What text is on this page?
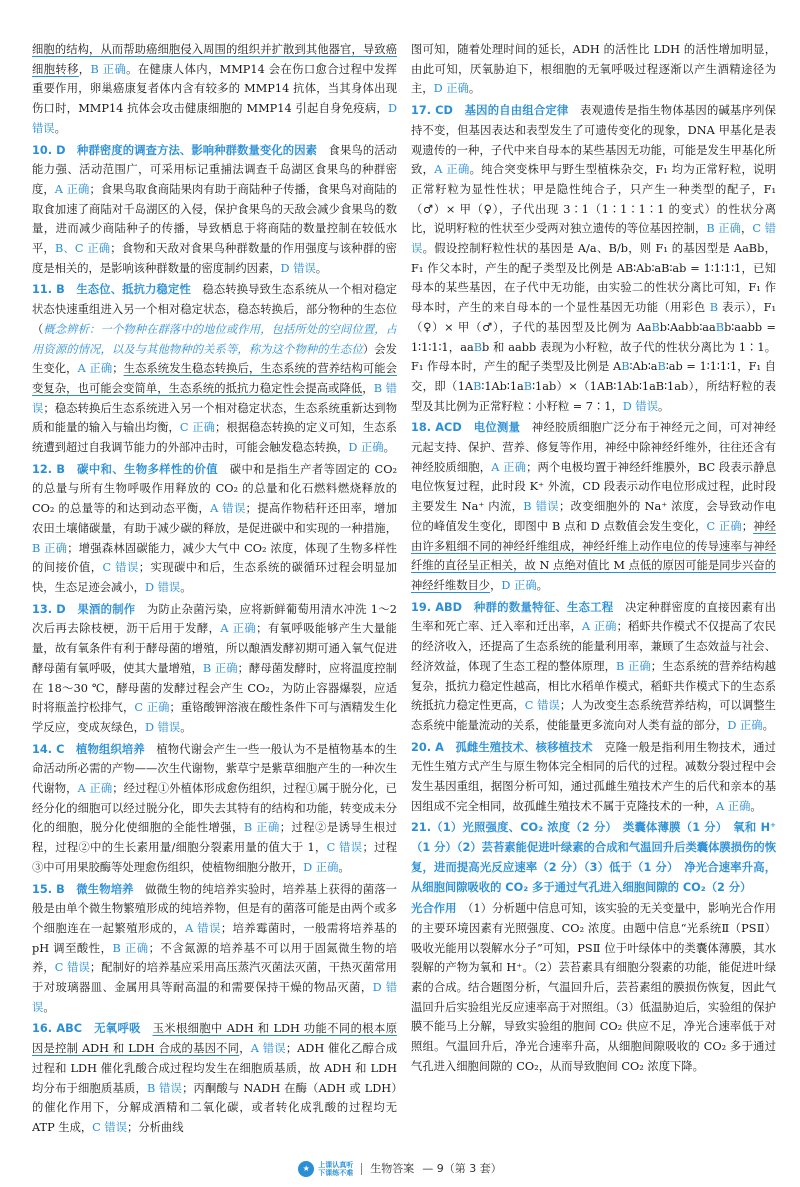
细胞的结构，从而帮助癌细胞侵入周围的组织并扩散到其他器官，导致癌细胞转移，B 正确。在健康人体内，MMP14 会在伤口愈合过程中发挥重要作用，卵巢癌康复者体内含有较多的 MMP14 抗体，当其身体出现伤口时，MMP14 抗体会攻击健康细胞的 MMP14 引起自身免疫病，D 错误。
10. D　 种群密度的调查方法、影响种群数量变化的因素　食果鸟的活动能力强、活动范围广，可采用标记重捕法调查千岛湖区食果鸟的种群密度，A 正确；食果鸟取食商陆果肉有助于商陆种子传播，食果鸟对商陆的取食加速了商陆对千岛湖区的入侵，保护食果鸟的天敌会减少食果鸟的数量，进而减少商陆种子的传播，导致栖息于将商陆的数量控制在较低水平，B、C 正确；食物和天敌对食果鸟种群数量的作用强度与该种群的密度是相关的，是影响该种群数量的密度制约因素，D 错误。
11. B　 生态位、抵抗力稳定性　稳态转换导致生态系统从一个相对稳定状态快速重组进入另一个相对稳定状态，稳态转换后，部分物种的生态位（概念辨析：一个物种在群落中的地位或作用，包括所处的空间位置，占用资源的情况，以及与其他物种的关系等，称为这个物种的生态位）会发生变化，A 正确；生态系统发生稳态转换后，生态系统的营养结构可能会变复杂，也可能会变简单，生态系统的抵抗力稳定性会提高或降低，B 错误；稳态转换后生态系统进入另一个相对稳定状态，生态系统重新达到物质和能量的输入与输出均衡，C 正确；根据稳态转换的定义可知，生态系统遭到超过自我调节能力的外部冲击时，可能会触发稳态转换，D 正确。
12. B　 碳中和、生物多样性的价值　碳中和是指生产者等固定的 CO₂ 的总量与所有生物呼吸作用释放的 CO₂ 的总量和化石燃料燃烧释放的 CO₂ 的总量等的和达到动态平衡，A 错误；提高作物秸秆还田率，增加农田土壤储碳量，有助于减少碳的释放，是促进碳中和实现的一种措施，B 正确；增强森林固碳能力，减少大气中 CO₂ 浓度，体现了生物多样性的间接价值，C 错误；实现碳中和后，生态系统的碳循环过程会明显加快，生态足迹会减小，D 错误。
13. D　 果酒的制作　为防止杂菌污染，应将新鲜葡萄用清水冲洗 1～2 次后再去除枝梗，沥干后用于发酵，A 正确；有氧呼吸能够产生大量能量，故有氧条件有利于酵母菌的增殖，所以酿酒发酵初期可通入氧气促进酵母菌有氧呼吸，使其大量增殖，B 正确；酵母菌发酵时，应将温度控制在 18～30 ℃，酵母菌的发酵过程会产生 CO₂，为防止容器爆裂，应适时将瓶盖拧松排气，C 正确；重铬酸钾溶液在酸性条件下可与酒精发生化学反应，变成灰绿色，D 错误。
14. C　 植物组织培养　植物代谢会产生一些一般认为不是植物基本的生命活动所必需的产物——次生代谢物，紫草宁是紫草细胞产生的一种次生代谢物，A 正确；经过程①外植体形成愈伤组织，过程①属于脱分化，已经分化的细胞可以经过脱分化，即失去其特有的结构和功能，转变成未分化的细胞，脱分化使细胞的全能性增强，B 正确；过程②是诱导生根过程，过程②中的生长素用量/细胞分裂素用量的值大于 1，C 错误；过程③中可用果胶酶等处理愈伤组织，使植物细胞分散开，D 正确。
15. B　 微生物培养　做微生物的纯培养实验时，培养基上获得的菌落一般是由单个微生物繁殖形成的纯培养物，但是有的菌落可能是由两个或多个细胞连在一起繁殖形成的，A 错误；培养霉菌时，一般需将培养基的 pH 调至酸性，B 正确；不含氮源的培养基不可以用于固氮微生物的培养，C 错误；配制好的培养基应采用高压蒸汽灭菌法灭菌，干热灭菌常用于对玻璃器皿、金属用具等耐高温的和需要保持干燥的物品灭菌，D 错误。
16. ABC　 无氧呼吸　 玉米根细胞中 ADH 和 LDH 功能不同的根本原因是控制 ADH 和 LDH 合成的基因不同，A 错误；ADH 催化乙醇合成过程和 LDH 催化乳酸合成过程均发生在细胞质基质，故 ADH 和 LDH 均分布于细胞质基质，B 错误；丙酮酸与 NADH 在酶（ADH 或 LDH）的催化作用下，分解成酒精和二氧化碳，或者转化成乳酸的过程均无 ATP 生成，C 错误；分析曲线
图可知，随着处理时间的延长，ADH 的活性比 LDH 的活性增加明显，由此可知，厌氧胁迫下，根细胞的无氧呼吸过程逐渐以产生酒精途径为主，D 正确。
17. CD　 基因的自由组合定律　表观遗传是指生物体基因的碱基序列保持不变，但基因表达和表型发生了可遗传变化的现象，DNA 甲基化是表观遗传的一种，子代中来自母本的某些基因无功能，可能是发生甲基化所致，A 正确。纯合突变株甲与野生型植株杂交，F₁ 均为正常籽粒，说明正常籽粒为显性性状；甲是隐性纯合子，只产生一种类型的配子，F₁（♂）× 甲（♀），子代出现 3∶1（1∶1∶1∶1 的变式）的性状分离比，说明籽粒的性状至少受两对独立遗传的等位基因控制，B 正确，C 错误。假设控制籽粒性状的基因是 A/a、B/b，则 F₁ 的基因型是 AaBb，F₁ 作父本时，产生的配子类型及比例是 AB∶Ab∶aB∶ab = 1∶1∶1∶1，已知母本的某些基因，在子代中无功能，由实验二的性状分离比可知，F₁ 作母本时，产生的来自母本的一个显性基因无功能（用彩色 B 表示），F₁（♀）× 甲（♂），子代的基因型及比例为 AaBb∶Aabb∶aaBb∶aabb = 1∶1∶1∶1，aaBb 和 aabb 表现为小籽粒，故子代的性状分离比为 1∶1。F₁ 作母本时，产生的配子类型及比例是 AB∶Ab∶aB∶ab = 1∶1∶1∶1，F₁ 自交，即（1AB∶1Ab∶1aB∶1ab）×（1AB∶1Ab∶1aB∶1ab），所结籽粒的表型及其比例为正常籽粒∶小籽粒 = 7∶1，D 错误。
18. ACD　 电位测量　神经胶质细胞广泛分布于神经元之间，可对神经元起支持、保护、营养、修复等作用，神经中除神经纤维外，往往还含有神经胶质细胞，A 正确；两个电极均置于神经纤维膜外，BC 段表示静息电位恢复过程，此时段 K⁺ 外流，CD 段表示动作电位形成过程，此时段主要发生 Na⁺ 内流，B 错误；改变细胞外的 Na⁺ 浓度，会导致动作电位的峰值发生变化，即图中 B 点和 D 点数值会发生变化，C 正确；神经由许多粗细不同的神经纤维组成，神经纤维上动作电位的传导速率与神经纤维的直径呈正相关，故 N 点绝对值比 M 点低的原因可能是同步兴奋的神经纤维数目少，D 正确。
19. ABD　 种群的数量特征、生态工程　决定种群密度的直接因素有出生率和死亡率、迁入率和迁出率，A 正确；稻虾共作模式不仅提高了农民的经济收入，还提高了生态系统的能量利用率，兼顾了生态效益与社会、经济效益，体现了生态工程的整体原理，B 正确；生态系统的营养结构越复杂，抵抗力稳定性越高，相比水稻单作模式，稻虾共作模式下的生态系统抵抗力稳定性更高，C 错误；人为改变生态系统营养结构，可以调整生态系统中能量流动的关系，使能量更多流向对人类有益的部分，D 正确。
20. A　 孤雌生殖技术、核移植技术　克隆一般是指利用生物技术，通过无性生殖方式产生与原生物体完全相同的后代的过程。减数分裂过程中会发生基因重组，据图分析可知，通过孤雌生殖技术产生的后代和亲本的基因组成不完全相同，故孤雌生殖技术不属于克隆技术的一种，A 正确。
21.（1）光照强度、CO₂ 浓度（2 分）　类囊体薄膜（1 分）　氧和 H⁺（1 分）（2）芸苔素能促进叶绿素的合成和气温回升后类囊体膜损伤的恢复，进而提高光反应速率（2 分）（3）低于（1 分）　净光合速率升高，从细胞间隙吸收的 CO₂ 多于通过气孔进入细胞间隙的 CO₂（2 分）
光合作用　（1）分析题中信息可知，该实验的无关变量中，影响光合作用的主要环境因素有光照强度、CO₂ 浓度。由题中信息“光系统Ⅱ（PSⅡ）吸收光能用以裂解水分子”可知，PSⅡ 位于叶绿体中的类囊体薄膜，其水裂解的产物为氧和 H⁺。（2）芸苔素具有细胞分裂素的功能，能促进叶绿素的合成。结合题图分析，气温回升后，芸苔素组的膜损伤恢复，因此气温回升后实验组光反应速率高于对照组。（3）低温胁迫后，实验组的保护膜不能马上分解，导致实验组的胞间 CO₂ 供应不足，净光合速率低于对照组。气温回升后，净光合速率升高，从细胞间隙吸收的 CO₂ 多于通过气孔进入细胞间隙的 CO₂，从而导致胞间 CO₂ 浓度下降。
★	上课认真听
下课练不难 生物答案 — 9（第 3 套）
